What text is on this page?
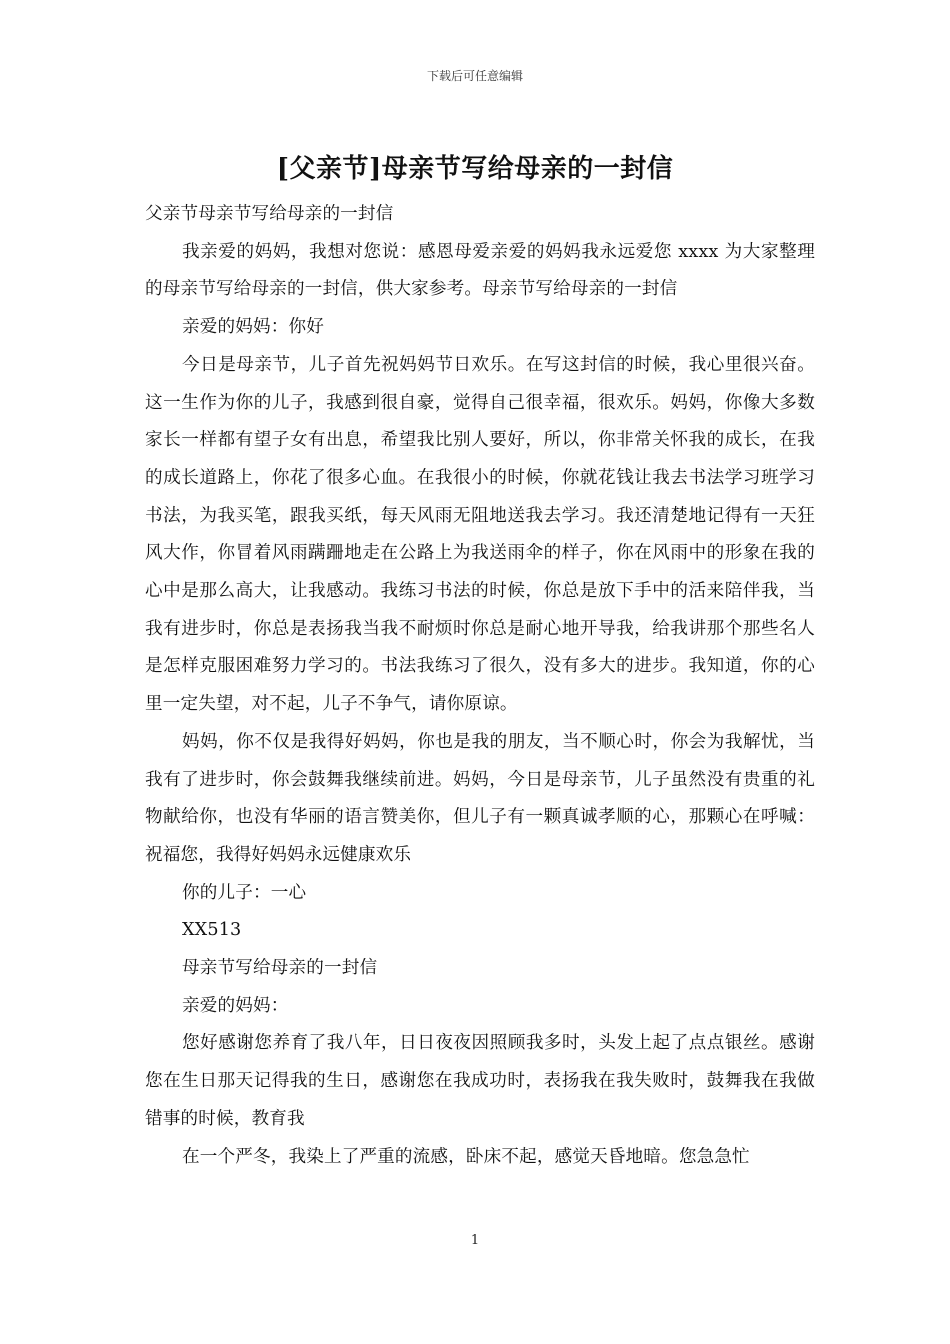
下载后可任意编辑
[父亲节]母亲节写给母亲的一封信

父亲节母亲节写给母亲的一封信

我亲爱的妈妈，我想对您说：感恩母爱亲爱的妈妈我永远爱您 xxxx 为大家整理的母亲节写给母亲的一封信，供大家参考。母亲节写给母亲的一封信

亲爱的妈妈：你好

今日是母亲节，儿子首先祝妈妈节日欢乐。在写这封信的时候，我心里很兴奋。这一生作为你的儿子，我感到很自豪，觉得自己很幸福，很欢乐。妈妈，你像大多数家长一样都有望子女有出息，希望我比别人要好，所以，你非常关怀我的成长，在我的成长道路上，你花了很多心血。在我很小的时候，你就花钱让我去书法学习班学习书法，为我买笔，跟我买纸，每天风雨无阻地送我去学习。我还清楚地记得有一天狂风大作，你冒着风雨蹒跚地走在公路上为我送雨伞的样子，你在风雨中的形象在我的心中是那么高大，让我感动。我练习书法的时候，你总是放下手中的活来陪伴我，当我有进步时，你总是表扬我当我不耐烦时你总是耐心地开导我，给我讲那个那些名人是怎样克服困难努力学习的。书法我练习了很久，没有多大的进步。我知道，你的心里一定失望，对不起，儿子不争气，请你原谅。

妈妈，你不仅是我得好妈妈，你也是我的朋友，当不顺心时，你会为我解忧，当我有了进步时，你会鼓舞我继续前进。妈妈，今日是母亲节，儿子虽然没有贵重的礼物献给你，也没有华丽的语言赞美你，但儿子有一颗真诚孝顺的心，那颗心在呼喊：祝福您，我得好妈妈永远健康欢乐

你的儿子：一心

XX513

母亲节写给母亲的一封信

亲爱的妈妈：

您好感谢您养育了我八年，日日夜夜因照顾我多时，头发上起了点点银丝。感谢您在生日那天记得我的生日，感谢您在我成功时，表扬我在我失败时，鼓舞我在我做错事的时候，教育我

在一个严冬，我染上了严重的流感，卧床不起，感觉天昏地暗。您急急忙

1
